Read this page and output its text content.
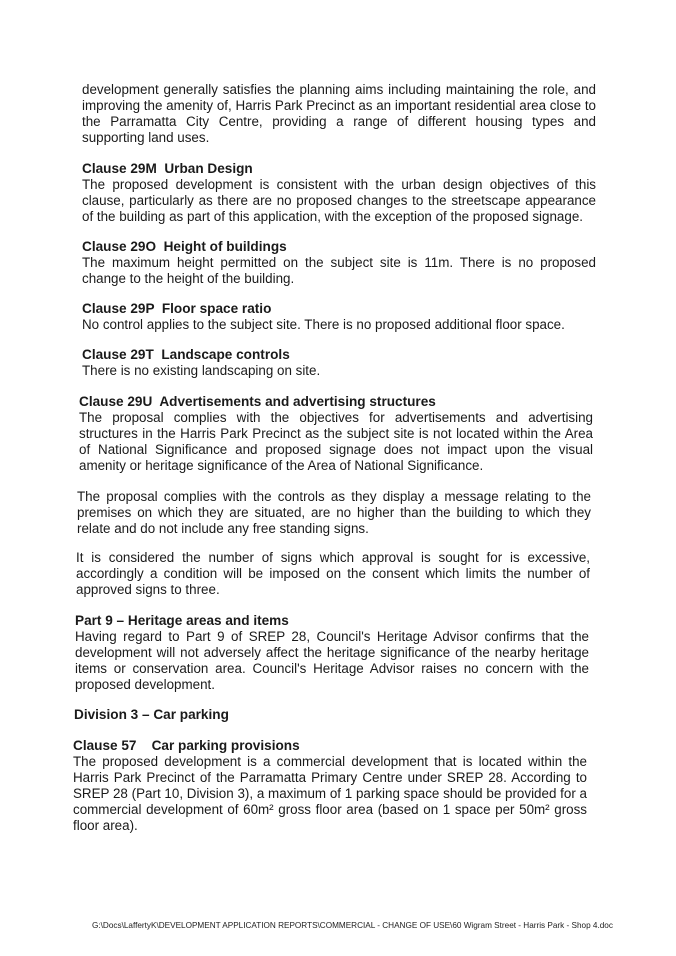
development generally satisfies the planning aims including maintaining the role, and improving the amenity of, Harris Park Precinct as an important residential area close to the Parramatta City Centre, providing a range of different housing types and supporting land uses.

Clause 29M  Urban Design

The proposed development is consistent with the urban design objectives of this clause, particularly as there are no proposed changes to the streetscape appearance of the building as part of this application, with the exception of the proposed signage.

Clause 29O  Height of buildings

The maximum height permitted on the subject site is 11m. There is no proposed change to the height of the building.

Clause 29P  Floor space ratio

No control applies to the subject site. There is no proposed additional floor space.

Clause 29T  Landscape controls

There is no existing landscaping on site.

Clause 29U  Advertisements and advertising structures

The proposal complies with the objectives for advertisements and advertising structures in the Harris Park Precinct as the subject site is not located within the Area of National Significance and proposed signage does not impact upon the visual amenity or heritage significance of the Area of National Significance.

The proposal complies with the controls as they display a message relating to the premises on which they are situated, are no higher than the building to which they relate and do not include any free standing signs.

It is considered the number of signs which approval is sought for is excessive, accordingly a condition will be imposed on the consent which limits the number of approved signs to three.

Part 9 – Heritage areas and items

Having regard to Part 9 of SREP 28, Council's Heritage Advisor confirms that the development will not adversely affect the heritage significance of the nearby heritage items or conservation area. Council's Heritage Advisor raises no concern with the proposed development.

Division 3 – Car parking

Clause 57    Car parking provisions

The proposed development is a commercial development that is located within the Harris Park Precinct of the Parramatta Primary Centre under SREP 28. According to SREP 28 (Part 10, Division 3), a maximum of 1 parking space should be provided for a commercial development of 60m² gross floor area (based on 1 space per 50m² gross floor area).

G:\Docs\LaffertyK\DEVELOPMENT APPLICATION REPORTS\COMMERCIAL - CHANGE OF USE\60 Wigram Street - Harris Park - Shop 4.doc
